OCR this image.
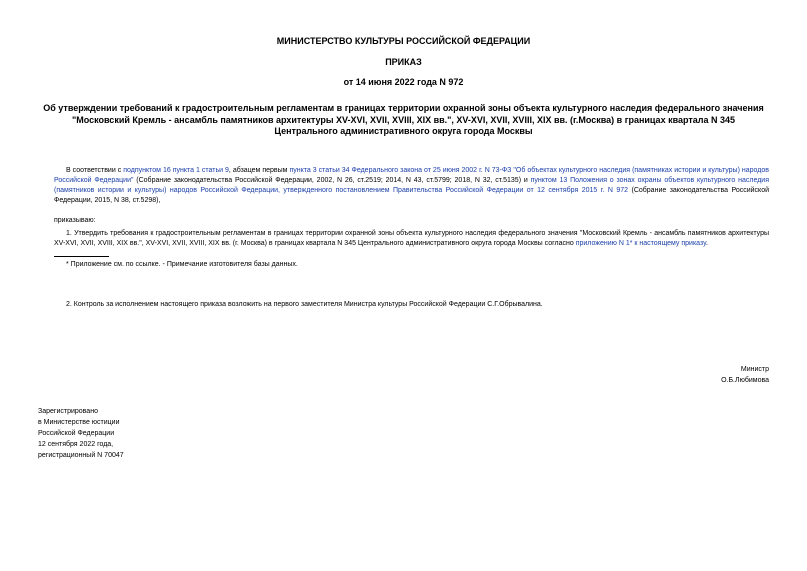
МИНИСТЕРСТВО КУЛЬТУРЫ РОССИЙСКОЙ ФЕДЕРАЦИИ
ПРИКАЗ
от 14 июня 2022 года N 972
Об утверждении требований к градостроительным регламентам в границах территории охранной зоны объекта культурного наследия федерального значения "Московский Кремль - ансамбль памятников архитектуры XV-XVI, XVII, XVIII, XIX вв.", XV-XVI, XVII, XVIII, XIX вв. (г.Москва) в границах квартала N 345 Центрального административного округа города Москвы
В соответствии с подпунктом 16 пункта 1 статьи 9, абзацем первым пункта 3 статьи 34 Федерального закона от 25 июня 2002 г. N 73-ФЗ "Об объектах культурного наследия (памятниках истории и культуры) народов Российской Федерации" (Собрание законодательства Российской Федерации, 2002, N 26, ст.2519; 2014, N 43, ст.5799; 2018, N 32, ст.5135) и пунктом 13 Положения о зонах охраны объектов культурного наследия (памятников истории и культуры) народов Российской Федерации, утвержденного постановлением Правительства Российской Федерации от 12 сентября 2015 г. N 972 (Собрание законодательства Российской Федерации, 2015, N 38, ст.5298),
приказываю:
1. Утвердить требования к градостроительным регламентам в границах территории охранной зоны объекта культурного наследия федерального значения "Московский Кремль - ансамбль памятников архитектуры XV-XVI, XVII, XVIII, XIX вв.", XV-XVI, XVII, XVIII, XIX вв. (г. Москва) в границах квартала N 345 Центрального административного округа города Москвы согласно приложению N 1* к настоящему приказу.
* Приложение см. по ссылке. - Примечание изготовителя базы данных.
2. Контроль за исполнением настоящего приказа возложить на первого заместителя Министра культуры Российской Федерации С.Г.Обрывалина.
Министр
О.Б.Любимова
Зарегистрировано
в Министерстве юстиции
Российской Федерации
12 сентября 2022 года,
регистрационный N 70047
